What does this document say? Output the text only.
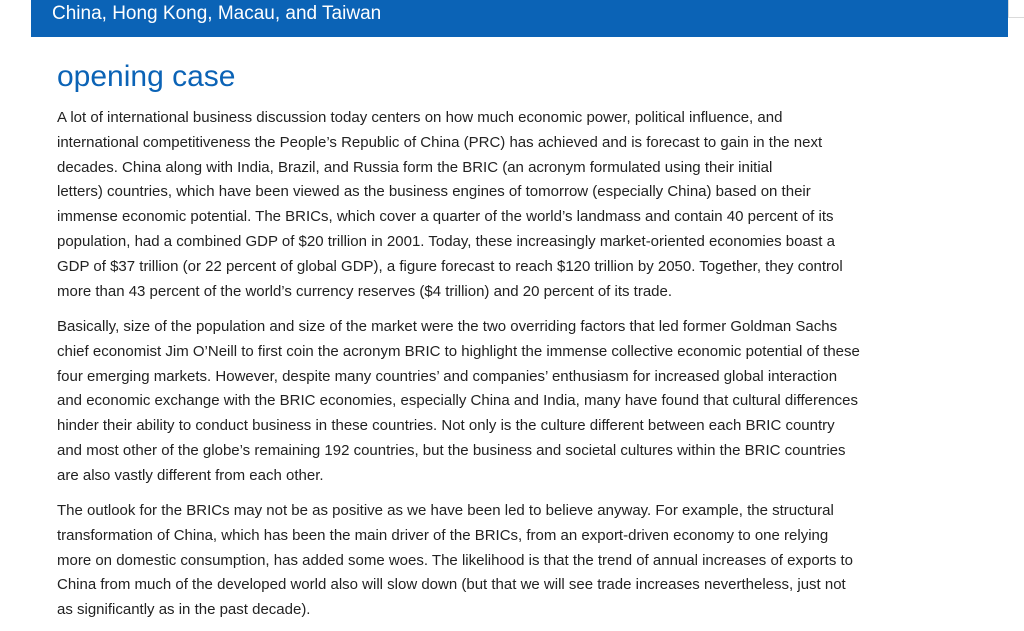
China, Hong Kong, Macau, and Taiwan
opening case

A lot of international business discussion today centers on how much economic power, political influence, and
international competitiveness the People’s Republic of China (PRC) has achieved and is forecast to gain in the next
decades. China along with India, Brazil, and Russia form the BRIC (an acronym formulated using their initial
letters) countries, which have been viewed as the business engines of tomorrow (especially China) based on their
immense economic potential. The BRICs, which cover a quarter of the world’s landmass and contain 40 percent of its
population, had a combined GDP of $20 trillion in 2001. Today, these increasingly market-oriented economies boast a
GDP of $37 trillion (or 22 percent of global GDP), a figure forecast to reach $120 trillion by 2050. Together, they control
more than 43 percent of the world’s currency reserves ($4 trillion) and 20 percent of its trade.

Basically, size of the population and size of the market were the two overriding factors that led former Goldman Sachs
chief economist Jim O’Neill to first coin the acronym BRIC to highlight the immense collective economic potential of these
four emerging markets. However, despite many countries’ and companies’ enthusiasm for increased global interaction
and economic exchange with the BRIC economies, especially China and India, many have found that cultural differences
hinder their ability to conduct business in these countries. Not only is the culture different between each BRIC country
and most other of the globe’s remaining 192 countries, but the business and societal cultures within the BRIC countries
are also vastly different from each other.

The outlook for the BRICs may not be as positive as we have been led to believe anyway. For example, the structural
transformation of China, which has been the main driver of the BRICs, from an export-driven economy to one relying
more on domestic consumption, has added some woes. The likelihood is that the trend of annual increases of exports to
China from much of the developed world also will slow down (but that we will see trade increases nevertheless, just not
as significantly as in the past decade).
